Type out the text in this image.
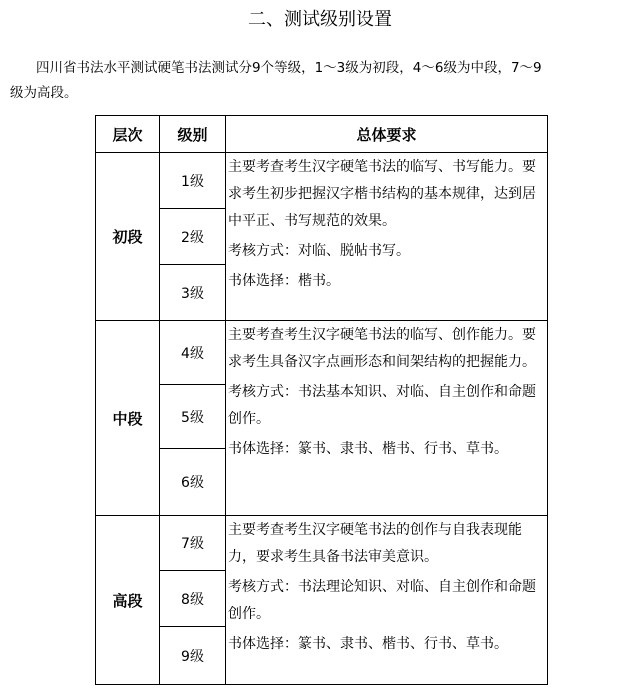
二、测试级别设置

四川省书法水平测试硬笔书法测试分9个等级，1～3级为初段，4～6级为中段，7～9

级为高段。

层次	级别	总体要求
初段	1级	主要考查考生汉字硬笔书法的临写、书写能力。要求考生初步把握汉字楷书结构的基本规律，达到居中平正、书写规范的效果。

考核方式：对临、脱帖书写。

书体选择：楷书。

	2级	
	3级	
中段	4级	主要考查考生汉字硬笔书法的临写、创作能力。要求考生具备汉字点画形态和间架结构的把握能力。

考核方式：书法基本知识、对临、自主创作和命题创作。

书体选择：篆书、隶书、楷书、行书、草书。

	5级	
	6级	
高段	7级	主要考查考生汉字硬笔书法的创作与自我表现能力，要求考生具备书法审美意识。

考核方式：书法理论知识、对临、自主创作和命题创作。

书体选择：篆书、隶书、楷书、行书、草书。

	8级	
	9级	
